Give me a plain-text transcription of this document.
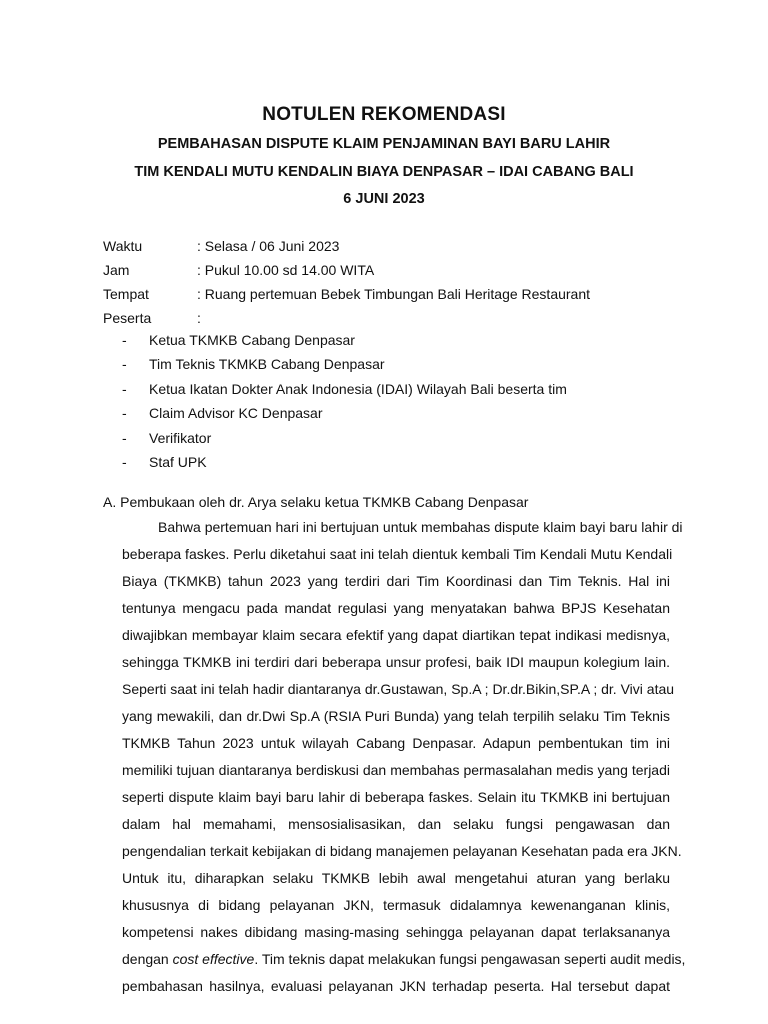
NOTULEN REKOMENDASI
PEMBAHASAN DISPUTE KLAIM PENJAMINAN BAYI BARU LAHIR
TIM KENDALI MUTU KENDALIN BIAYA DENPASAR – IDAI CABANG BALI
6 JUNI 2023
Waktu	: Selasa / 06 Juni 2023
Jam	: Pukul 10.00 sd 14.00 WITA
Tempat	: Ruang pertemuan Bebek Timbungan Bali Heritage Restaurant
Peserta	:
- Ketua TKMKB Cabang Denpasar
- Tim Teknis TKMKB Cabang Denpasar
- Ketua Ikatan Dokter Anak Indonesia (IDAI) Wilayah Bali beserta tim
- Claim Advisor KC Denpasar
- Verifikator
- Staf UPK
A. Pembukaan oleh dr. Arya selaku ketua TKMKB Cabang Denpasar
Bahwa pertemuan hari ini bertujuan untuk membahas dispute klaim bayi baru lahir di
beberapa faskes. Perlu diketahui saat ini telah dientuk kembali Tim Kendali Mutu Kendali
Biaya (TKMKB) tahun 2023 yang terdiri dari Tim Koordinasi dan Tim Teknis. Hal ini
tentunya mengacu pada mandat regulasi yang menyatakan bahwa BPJS Kesehatan
diwajibkan membayar klaim secara efektif yang dapat diartikan tepat indikasi medisnya,
sehingga TKMKB ini terdiri dari beberapa unsur profesi, baik IDI maupun kolegium lain.
Seperti saat ini telah hadir diantaranya dr.Gustawan, Sp.A ; Dr.dr.Bikin,SP.A ; dr. Vivi atau
yang mewakili, dan dr.Dwi Sp.A (RSIA Puri Bunda) yang telah terpilih selaku Tim Teknis
TKMKB Tahun 2023 untuk wilayah Cabang Denpasar. Adapun pembentukan tim ini
memiliki tujuan diantaranya berdiskusi dan membahas permasalahan medis yang terjadi
seperti dispute klaim bayi baru lahir di beberapa faskes. Selain itu TKMKB ini bertujuan
dalam hal memahami, mensosialisasikan, dan selaku fungsi pengawasan dan
pengendalian terkait kebijakan di bidang manajemen pelayanan Kesehatan pada era JKN.
Untuk itu, diharapkan selaku TKMKB lebih awal mengetahui aturan yang berlaku
khususnya di bidang pelayanan JKN, termasuk didalamnya kewenanganan klinis,
kompetensi nakes dibidang masing-masing sehingga pelayanan dapat terlaksananya
dengan cost effective. Tim teknis dapat melakukan fungsi pengawasan seperti audit medis,
pembahasan hasilnya, evaluasi pelayanan JKN terhadap peserta. Hal tersebut dapat
